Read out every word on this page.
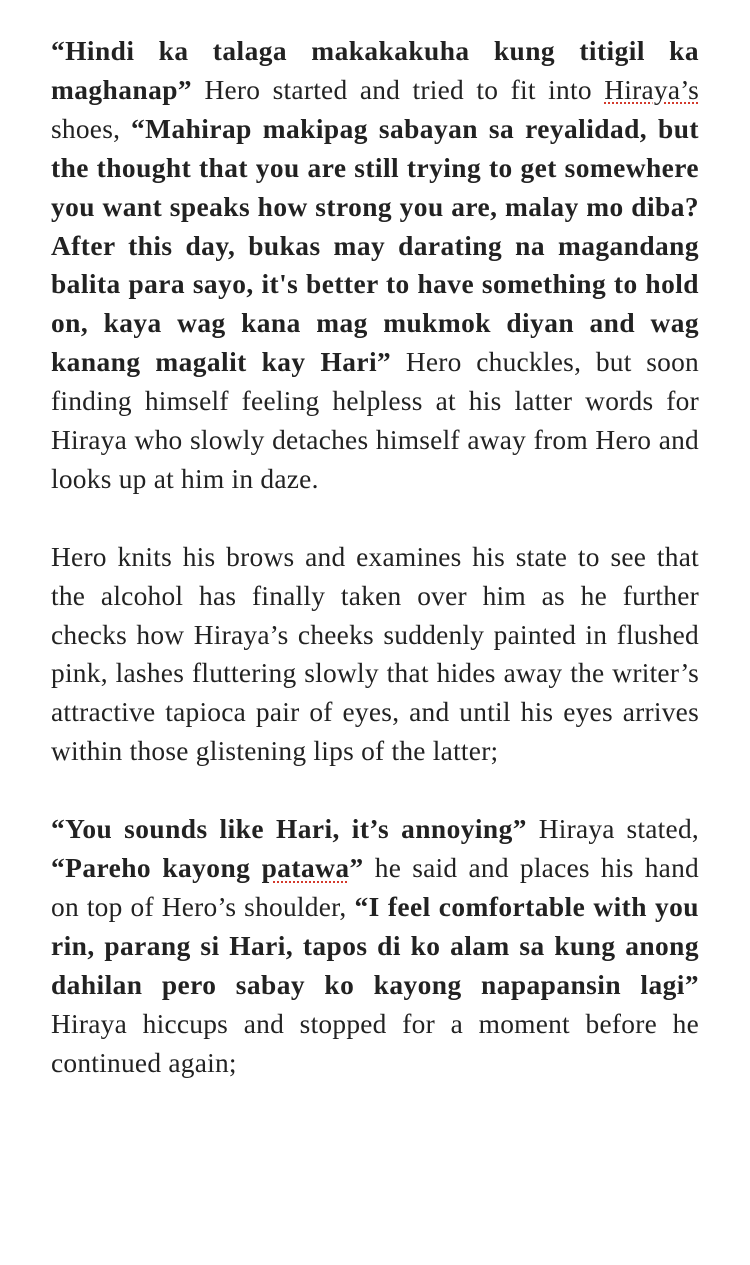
“Hindi ka talaga makakakuha kung titigil ka maghanap” Hero started and tried to fit into Hiraya’s shoes, “Mahirap makipag sabayan sa reyalidad, but the thought that you are still trying to get somewhere you want speaks how strong you are, malay mo diba? After this day, bukas may darating na magandang balita para sayo, it's better to have something to hold on, kaya wag kana mag mukmok diyan and wag kanang magalit kay Hari” Hero chuckles, but soon finding himself feeling helpless at his latter words for Hiraya who slowly detaches himself away from Hero and looks up at him in daze.

Hero knits his brows and examines his state to see that the alcohol has finally taken over him as he further checks how Hiraya’s cheeks suddenly painted in flushed pink, lashes fluttering slowly that hides away the writer’s attractive tapioca pair of eyes, and until his eyes arrives within those glistening lips of the latter;

“You sounds like Hari, it’s annoying” Hiraya stated, “Pareho kayong patawa” he said and places his hand on top of Hero’s shoulder, “I feel comfortable with you rin, parang si Hari, tapos di ko alam sa kung anong dahilan pero sabay ko kayong napapansin lagi” Hiraya hiccups and stopped for a moment before he continued again;
